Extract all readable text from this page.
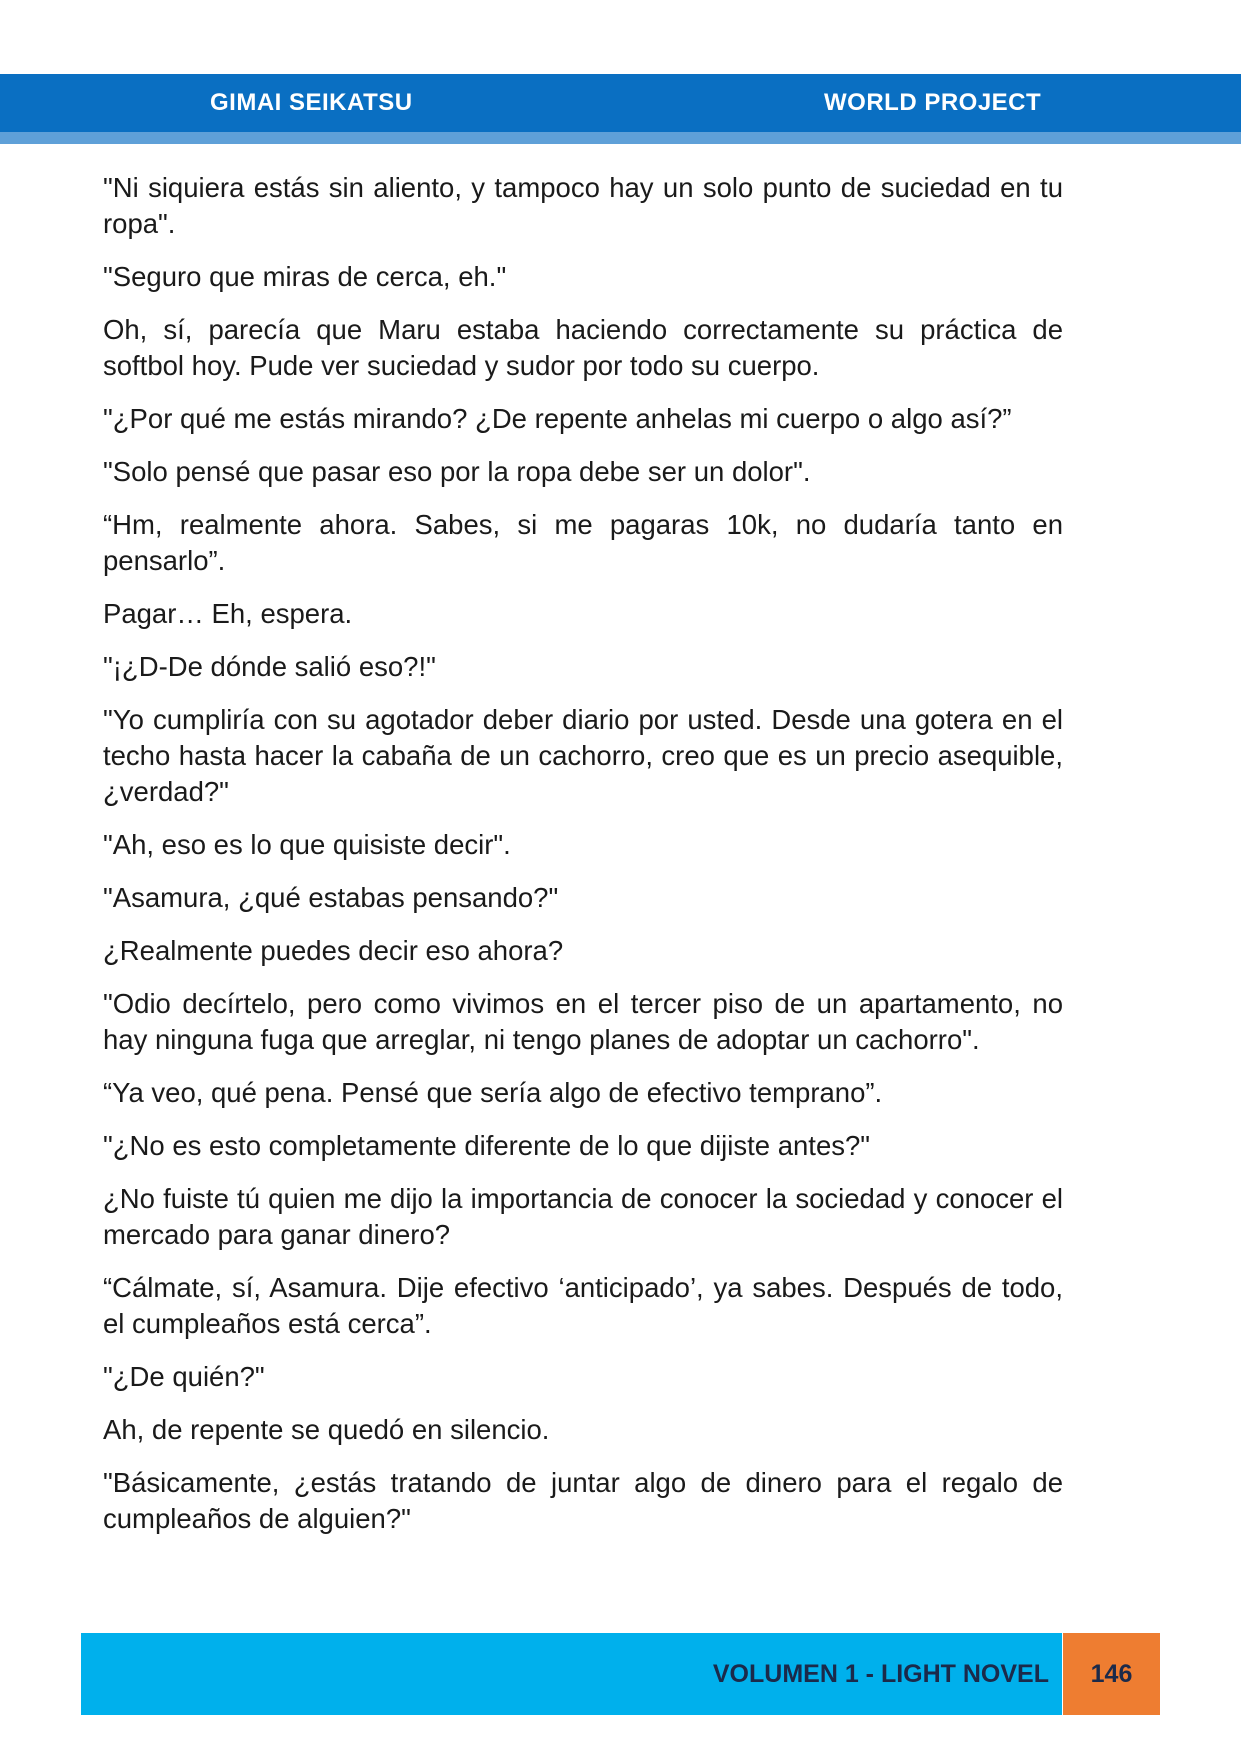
GIMAI SEIKATSU	WORLD PROJECT

"Ni siquiera estás sin aliento, y tampoco hay un solo punto de suciedad en tu ropa".

"Seguro que miras de cerca, eh."

Oh, sí, parecía que Maru estaba haciendo correctamente su práctica de softbol hoy. Pude ver suciedad y sudor por todo su cuerpo.

"¿Por qué me estás mirando? ¿De repente anhelas mi cuerpo o algo así?”

"Solo pensé que pasar eso por la ropa debe ser un dolor".

“Hm, realmente ahora. Sabes, si me pagaras 10k, no dudaría tanto en pensarlo”.

Pagar… Eh, espera.

"¡¿D-De dónde salió eso?!"

"Yo cumpliría con su agotador deber diario por usted. Desde una gotera en el techo hasta hacer la cabaña de un cachorro, creo que es un precio asequible, ¿verdad?"

"Ah, eso es lo que quisiste decir".

"Asamura, ¿qué estabas pensando?"

¿Realmente puedes decir eso ahora?

"Odio decírtelo, pero como vivimos en el tercer piso de un apartamento, no hay ninguna fuga que arreglar, ni tengo planes de adoptar un cachorro".

“Ya veo, qué pena. Pensé que sería algo de efectivo temprano”.

"¿No es esto completamente diferente de lo que dijiste antes?"

¿No fuiste tú quien me dijo la importancia de conocer la sociedad y conocer el mercado para ganar dinero?

“Cálmate, sí, Asamura. Dije efectivo ‘anticipado’, ya sabes. Después de todo, el cumpleaños está cerca”.

"¿De quién?"

Ah, de repente se quedó en silencio.

"Básicamente, ¿estás tratando de juntar algo de dinero para el regalo de cumpleaños de alguien?"

VOLUMEN 1 - LIGHT NOVEL	146
